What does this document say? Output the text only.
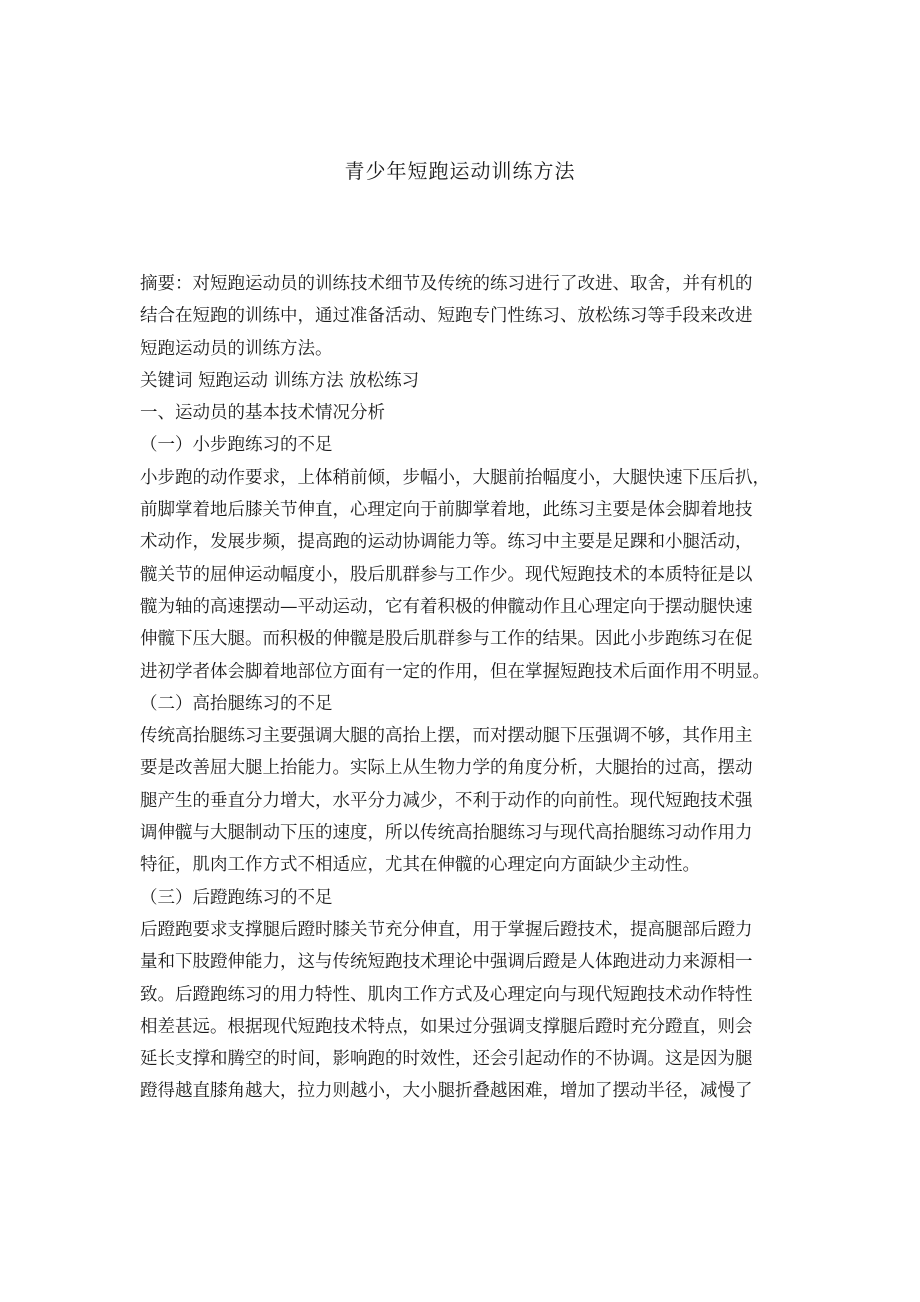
青少年短跑运动训练方法
摘要：对短跑运动员的训练技术细节及传统的练习进行了改进、取舍，并有机的
结合在短跑的训练中，通过准备活动、短跑专门性练习、放松练习等手段来改进
短跑运动员的训练方法。
关键词 短跑运动 训练方法 放松练习
一、运动员的基本技术情况分析
（一）小步跑练习的不足
小步跑的动作要求，上体稍前倾，步幅小，大腿前抬幅度小，大腿快速下压后扒，
前脚掌着地后膝关节伸直，心理定向于前脚掌着地，此练习主要是体会脚着地技
术动作，发展步频，提高跑的运动协调能力等。练习中主要是足踝和小腿活动，
髋关节的屈伸运动幅度小，股后肌群参与工作少。现代短跑技术的本质特征是以
髋为轴的高速摆动—平动运动，它有着积极的伸髋动作且心理定向于摆动腿快速
伸髋下压大腿。而积极的伸髋是股后肌群参与工作的结果。因此小步跑练习在促
进初学者体会脚着地部位方面有一定的作用，但在掌握短跑技术后面作用不明显。
（二）高抬腿练习的不足
传统高抬腿练习主要强调大腿的高抬上摆，而对摆动腿下压强调不够，其作用主
要是改善屈大腿上抬能力。实际上从生物力学的角度分析，大腿抬的过高，摆动
腿产生的垂直分力增大，水平分力减少，不利于动作的向前性。现代短跑技术强
调伸髋与大腿制动下压的速度，所以传统高抬腿练习与现代高抬腿练习动作用力
特征，肌肉工作方式不相适应，尤其在伸髋的心理定向方面缺少主动性。
（三）后蹬跑练习的不足
后蹬跑要求支撑腿后蹬时膝关节充分伸直，用于掌握后蹬技术，提高腿部后蹬力
量和下肢蹬伸能力，这与传统短跑技术理论中强调后蹬是人体跑进动力来源相一
致。后蹬跑练习的用力特性、肌肉工作方式及心理定向与现代短跑技术动作特性
相差甚远。根据现代短跑技术特点，如果过分强调支撑腿后蹬时充分蹬直，则会
延长支撑和腾空的时间，影响跑的时效性，还会引起动作的不协调。这是因为腿
蹬得越直膝角越大，拉力则越小，大小腿折叠越困难，增加了摆动半径，减慢了
